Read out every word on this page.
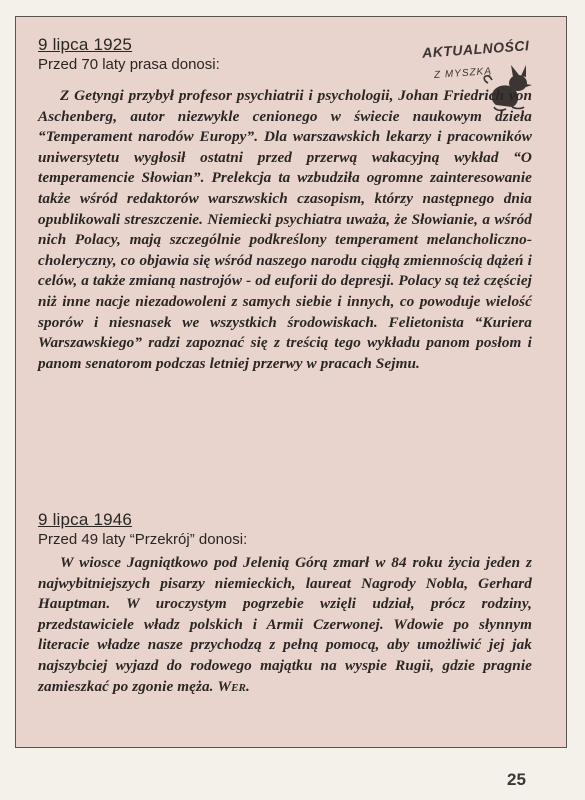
AKTUALNOŚCI
Z MYSZKĄ
9 lipca 1925
Przed 70 laty prasa donosi:

Z Getyngi przybył profesor psychiatrii i psychologii, Johan Friedrich von Aschenberg, autor niezwykle cenionego w świecie naukowym dzieła “Temperament narodów Europy”. Dla warszawskich lekarzy i pracowników uniwersytetu wygłosił ostatni przed przerwą wakacyjną wykład “O temperamencie Słowian”. Prelekcja ta wzbudziła ogromne zainteresowanie także wśród redaktorów warszwskich czasopism, którzy następnego dnia opublikowali streszczenie. Niemiecki psychiatra uważa, że Słowianie, a wśród nich Polacy, mają szczególnie podkreślony temperament melancholiczno-choleryczny, co objawia się wśród naszego narodu ciągłą zmiennością dążeń i celów, a także zmianą nastrojów - od euforii do depresji. Polacy są też częściej niż inne nacje niezadowoleni z samych siebie i innych, co powoduje wielość sporów i niesnasek we wszystkich środowiskach. Felietonista “Kuriera Warszawskiego” radzi zapoznać się z treścią tego wykładu panom posłom i panom senatorom podczas letniej przerwy w pracach Sejmu.

9 lipca 1946
Przed 49 laty “Przekrój” donosi:

W wiosce Jagniątkowo pod Jelenią Górą zmarł w 84 roku życia jeden z najwybitniejszych pisarzy niemieckich, laureat Nagrody Nobla, Gerhard Hauptman. W uroczystym pogrzebie wzięli udział, prócz rodziny, przedstawiciele władz polskich i Armii Czerwonej. Wdowie po słynnym literacie władze nasze przychodzą z pełną pomocą, aby umożliwić jej jak najszybciej wyjazd do rodowego majątku na wyspie Rugii, gdzie pragnie zamieszkać po zgonie męża. Wer.

25
